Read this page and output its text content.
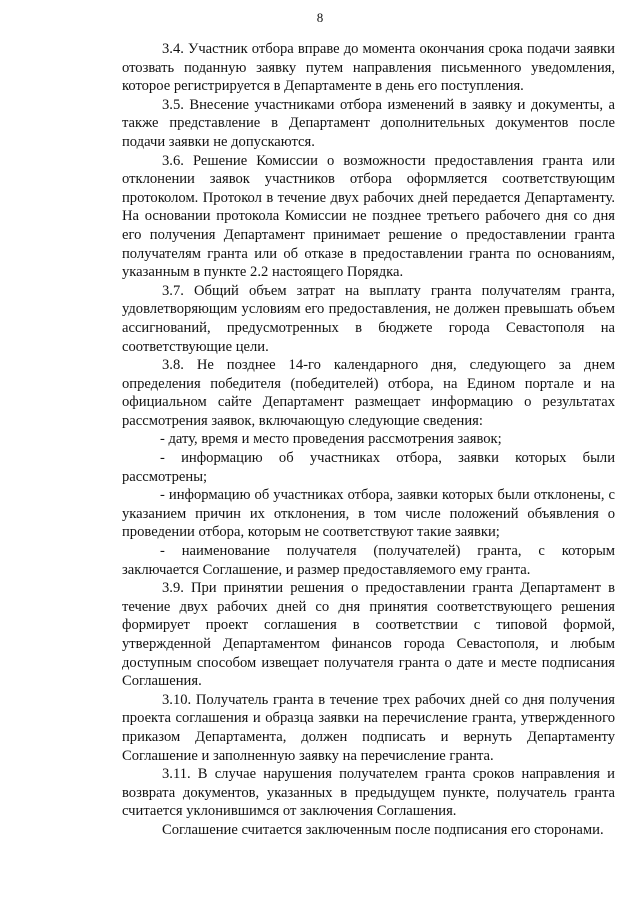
8

3.4. Участник отбора вправе до момента окончания срока подачи заявки отозвать поданную заявку путем направления письменного уведомления, которое регистрируется в Департаменте в день его поступления.

3.5. Внесение участниками отбора изменений в заявку и документы, а также представление в Департамент дополнительных документов после подачи заявки не допускаются.

3.6. Решение Комиссии о возможности предоставления гранта или отклонении заявок участников отбора оформляется соответствующим протоколом. Протокол в течение двух рабочих дней передается Департаменту. На основании протокола Комиссии не позднее третьего рабочего дня со дня его получения Департамент принимает решение о предоставлении гранта получателям гранта или об отказе в предоставлении гранта по основаниям, указанным в пункте 2.2 настоящего Порядка.

3.7. Общий объем затрат на выплату гранта получателям гранта, удовлетворяющим условиям его предоставления, не должен превышать объем ассигнований, предусмотренных в бюджете города Севастополя на соответствующие цели.

3.8. Не позднее 14-го календарного дня, следующего за днем определения победителя (победителей) отбора, на Едином портале и на официальном сайте Департамент размещает информацию о результатах рассмотрения заявок, включающую следующие сведения:

- дату, время и место проведения рассмотрения заявок;

- информацию об участниках отбора, заявки которых были рассмотрены;

- информацию об участниках отбора, заявки которых были отклонены, с указанием причин их отклонения, в том числе положений объявления о проведении отбора, которым не соответствуют такие заявки;

- наименование получателя (получателей) гранта, с которым заключается Соглашение, и размер предоставляемого ему гранта.

3.9. При принятии решения о предоставлении гранта Департамент в течение двух рабочих дней со дня принятия соответствующего решения формирует проект соглашения в соответствии с типовой формой, утвержденной Департаментом финансов города Севастополя, и любым доступным способом извещает получателя гранта о дате и месте подписания Соглашения.

3.10. Получатель гранта в течение трех рабочих дней со дня получения проекта соглашения и образца заявки на перечисление гранта, утвержденного приказом Департамента, должен подписать и вернуть Департаменту Соглашение и заполненную заявку на перечисление гранта.

3.11. В случае нарушения получателем гранта сроков направления и возврата документов, указанных в предыдущем пункте, получатель гранта считается уклонившимся от заключения Соглашения.

Соглашение считается заключенным после подписания его сторонами.
